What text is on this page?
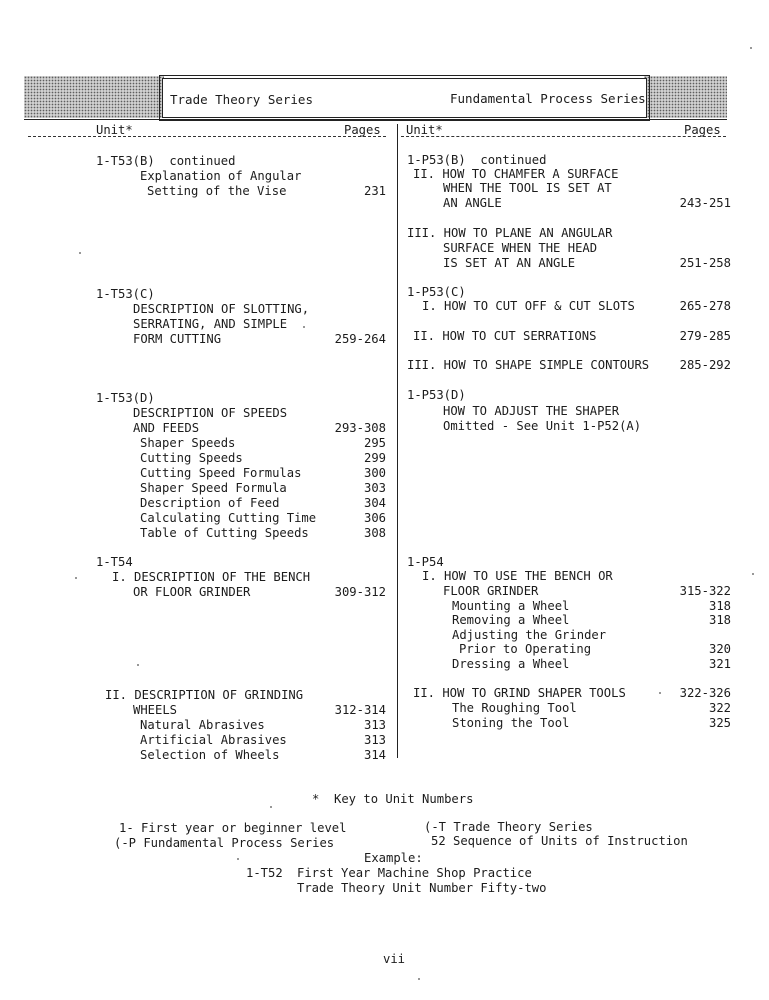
Trade Theory Series	Fundamental Process Series
Unit*	Pages Unit*	Pages
1-T53(B)  continued
Explanation of Angular
Setting of the Vise	231
1-T53(C)
DESCRIPTION OF SLOTTING,
SERRATING, AND SIMPLE
FORM CUTTING	259-264
1-T53(D)
DESCRIPTION OF SPEEDS
AND FEEDS	293-308
Shaper Speeds	295
Cutting Speeds	299
Cutting Speed Formulas	300
Shaper Speed Formula	303
Description of Feed	304
Calculating Cutting Time	306
Table of Cutting Speeds	308
1-T54
I. DESCRIPTION OF THE BENCH
OR FLOOR GRINDER	309-312
II. DESCRIPTION OF GRINDING
WHEELS	312-314
Natural Abrasives	313
Artificial Abrasives	313
Selection of Wheels	314
1-P53(B)  continued
II. HOW TO CHAMFER A SURFACE
WHEN THE TOOL IS SET AT
AN ANGLE	243-251
III. HOW TO PLANE AN ANGULAR
SURFACE WHEN THE HEAD
IS SET AT AN ANGLE	251-258
1-P53(C)
I. HOW TO CUT OFF & CUT SLOTS	265-278
II. HOW TO CUT SERRATIONS	279-285
III. HOW TO SHAPE SIMPLE CONTOURS 285-292
1-P53(D)
HOW TO ADJUST THE SHAPER
Omitted - See Unit 1-P52(A)
1-P54
I. HOW TO USE THE BENCH OR
FLOOR GRINDER	315-322
Mounting a Wheel	318
Removing a Wheel	318
Adjusting the Grinder
Prior to Operating	320
Dressing a Wheel	321
II. HOW TO GRIND SHAPER TOOLS	322-326
The Roughing Tool	322
Stoning the Tool	325
*  Key to Unit Numbers
1- First year or beginner level	(-T Trade Theory Series
(-P Fundamental Process Series	52 Sequence of Units of Instruction
Example:
1-T52 First Year Machine Shop Practice
Trade Theory Unit Number Fifty-two
vii
